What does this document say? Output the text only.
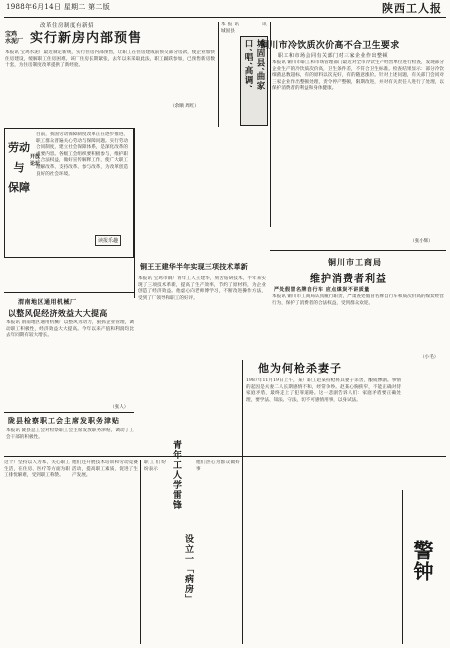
1988年6月14日 星期二 第二版	陕西工人报
改革住房制度有新招
宝鸡
水泥厂 实行新房内部预售
本报讯 宝鸡水泥厂最近制定新规，实行住房内部预售，让职工在住房建成前预交部分房款，使企业加快住房建设，缓解职工住房困难。该厂住房长期紧张，去年以来采取此法，职工踊跃参加，已预售新房数十套，为住房制度改革提供了新经验。
（余顺 周红）
本报讯 城固县
城固县‘曲家口’唱‘高调’
讯
铜川市冷饮质次价高不合卫生要求
职工和市场会同有关部门对三家企业作出整顿
本报讯 铜川市职工和市场管理部门最近对全市冷饮生产经营单位进行检查，发现部分企业生产的冷饮质次价高，卫生条件差，不符合卫生标准。检查结果显示：部分冷饮细菌总数超标，有的原料以次充好，有的随意涨价。针对上述问题，有关部门会同对三家企业作出整顿处理，责令停产整顿，限期改进，并对有关责任人进行了处理，以保护消费者的利益和身体健康。
（张小辉）
劳动
与
保障
开放
论坛
目前，我国劳动保障制度改革正在逐步推进，职工群众普遍关心劳动与保障问题。实行劳动合同制度，建立社会保障体系，是深化改革的重要内容。各级工会组织要积极参与，维护职工合法权益，做好宣传解释工作，使广大职工理解改革、支持改革、参与改革，为改革创造良好的社会环境。
读报乐趣
铜王王建华半年实现三项技术革新
本报讯 宝鸡市铜厂青年工人王建华，刻苦钻研技术，半年来实现了三项技术革新，提高了生产效率，节约了原材料，为企业创造了经济效益。他虚心向老师傅学习，不断改进操作方法，受到了厂领导和职工的好评。
铜川市工商局
维护消费者利益
严处假冒名牌自行车 应点煤炭不讲质量
本报讯 铜川市工商局认真履行职责，严肃查处假冒名牌自行车和质次价高的煤炭经营行为，保护了消费者的合法权益，受到群众欢迎。
（小毛）
渭南地区通用机械厂
以整风促经济效益大大提高
本报讯 渭南地区通用机械厂以整风为动力，狠抓企业管理，调动职工积极性，经济效益大大提高。今年以来产值和利润均比去年同期有较大增长。
（张人）
陇县检察职工会主席发职务津贴
本报讯 陇县总工会对检察职工会主席发放职务津贴，调动了工会干部的积极性。
这个厂坚持以人为本，关心职工生活，在住房、医疗等方面为职工排忧解难，受到职工称赞。
他们还开展技术培训和劳动竞赛活动，提高职工素质，促进了生产发展。	青年工人学雷锋
设立一「病房」
职工们纷纷表示
他们热心为群众做好事
他为何枪杀妻子
1987年11月19日上午，某厂职工赵某持枪将其妻子杀害，酿成惨剧。事情的起因是夫妻二人长期感情不和，经常争吵。赵某心胸狭窄，不能正确对待家庭矛盾，最终走上了犯罪道路。这一悲剧告诉人们：家庭矛盾要正确处理，要学法、知法、守法，切不可感情用事，以身试法。
警钟
